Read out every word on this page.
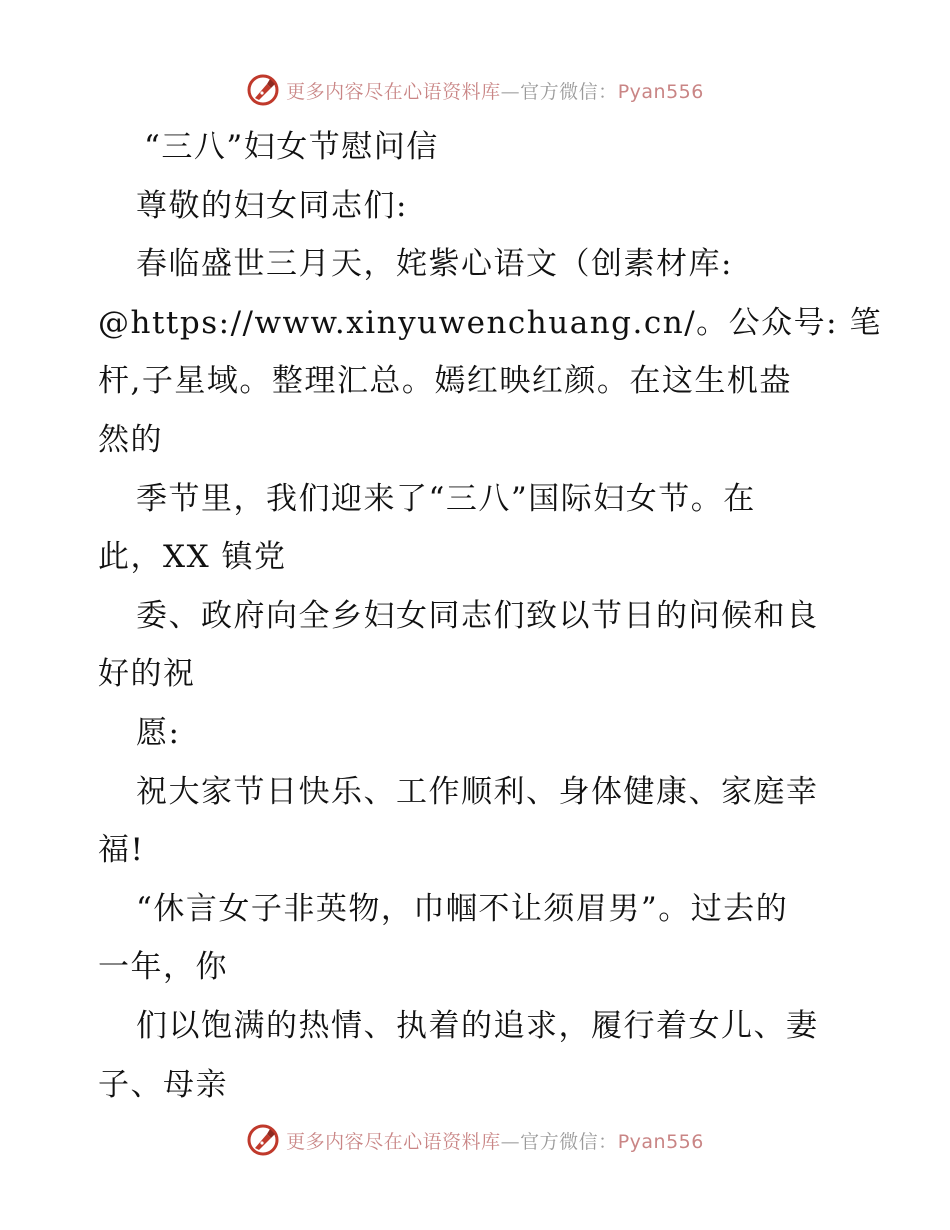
更多内容尽在心语资料库—官方微信：Pyan556
“三八”妇女节慰问信
尊敬的妇女同志们:
春临盛世三月天，姹紫心语文（创素材库:
@https://www.xinyuwenchuang.cn/。公众号: 笔
杆,子星域。整理汇总。嫣红映红颜。在这生机盎
然的
季节里，我们迎来了“三八”国际妇女节。在
此，XX 镇党
委、政府向全乡妇女同志们致以节日的问候和良
好的祝
愿:
祝大家节日快乐、工作顺利、身体健康、家庭幸
福!
“休言女子非英物，巾帼不让须眉男”。过去的
一年，你
们以饱满的热情、执着的追求，履行着女儿、妻
子、母亲
更多内容尽在心语资料库—官方微信：Pyan556
